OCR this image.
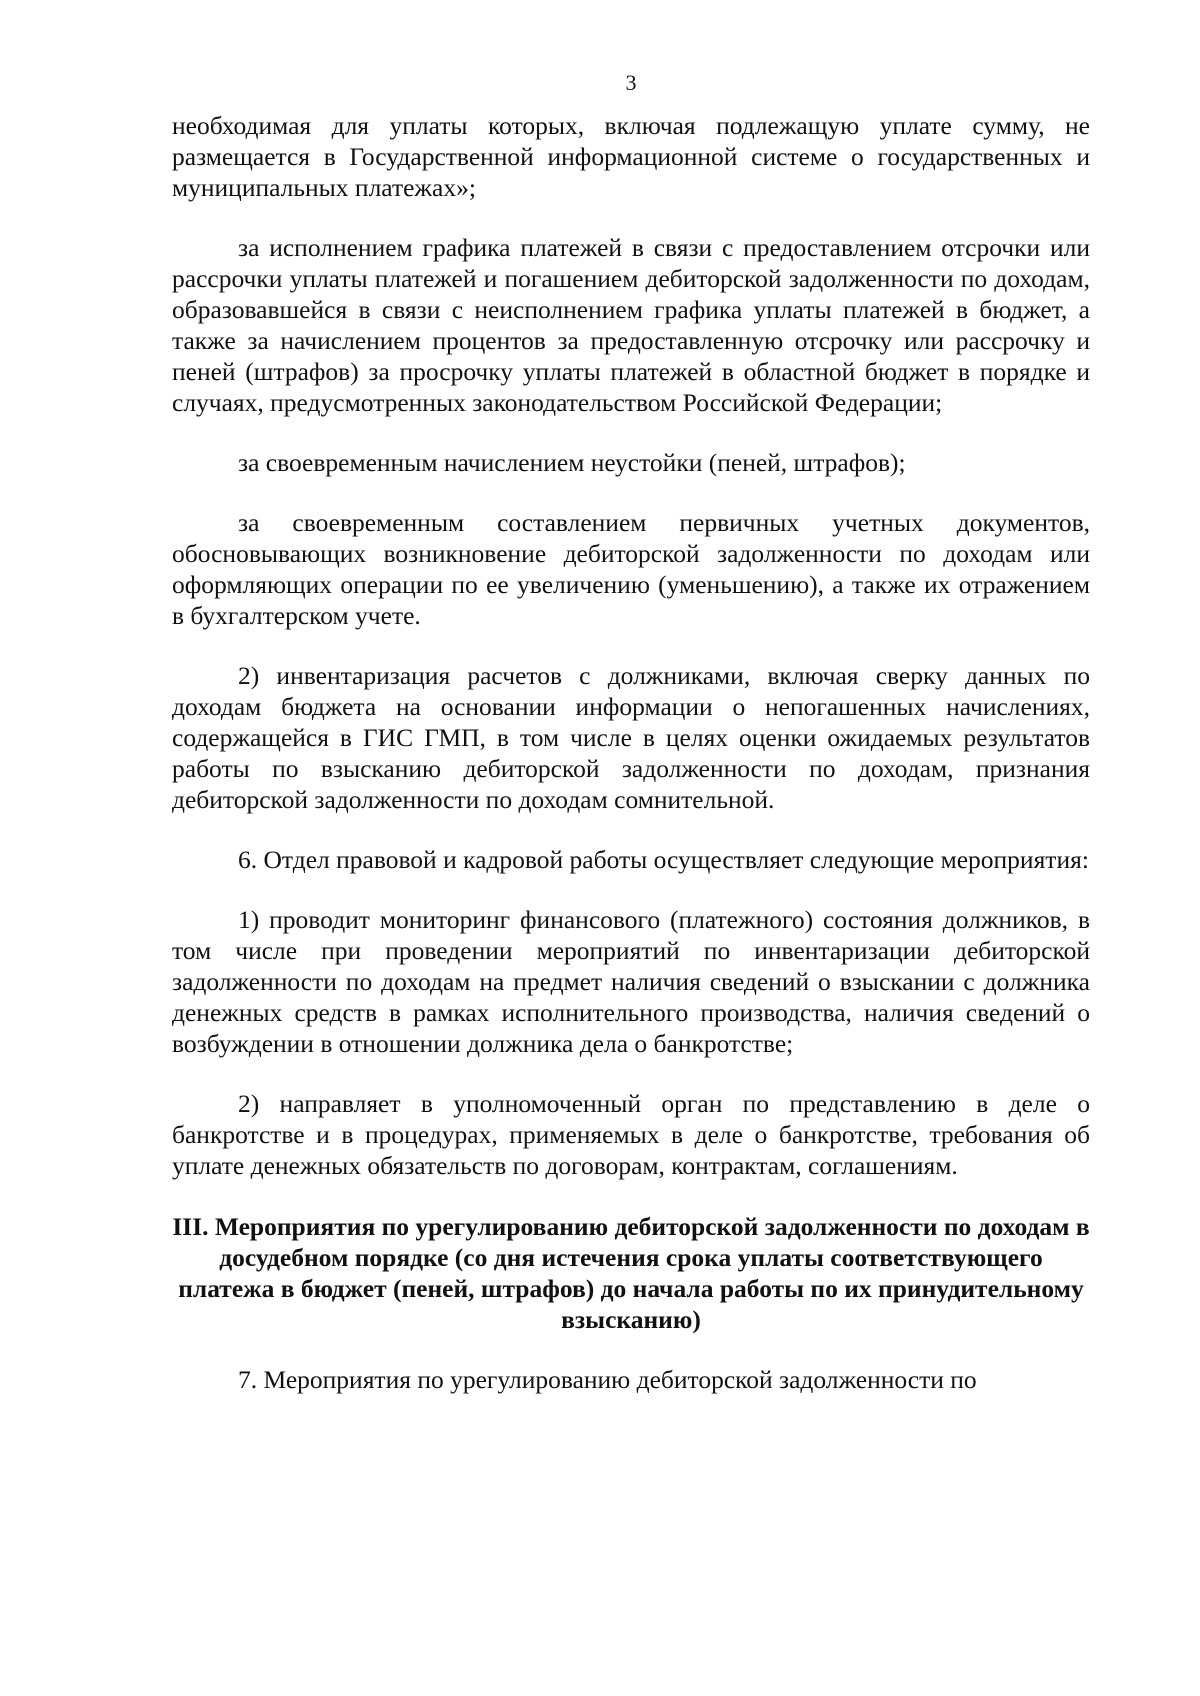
3

необходимая для уплаты которых, включая подлежащую уплате сумму, не размещается в Государственной информационной системе о государственных и муниципальных платежах»;

за исполнением графика платежей в связи с предоставлением отсрочки или рассрочки уплаты платежей и погашением дебиторской задолженности по доходам, образовавшейся в связи с неисполнением графика уплаты платежей в бюджет, а также за начислением процентов за предоставленную отсрочку или рассрочку и пеней (штрафов) за просрочку уплаты платежей в областной бюджет в порядке и случаях, предусмотренных законодательством Российской Федерации;

за своевременным начислением неустойки (пеней, штрафов);

за своевременным составлением первичных учетных документов, обосновывающих возникновение дебиторской задолженности по доходам или оформляющих операции по ее увеличению (уменьшению), а также их отражением в бухгалтерском учете.

2) инвентаризация расчетов с должниками, включая сверку данных по доходам бюджета на основании информации о непогашенных начислениях, содержащейся в ГИС ГМП, в том числе в целях оценки ожидаемых результатов работы по взысканию дебиторской задолженности по доходам, признания дебиторской задолженности по доходам сомнительной.

6. Отдел правовой и кадровой работы осуществляет следующие мероприятия:

1) проводит мониторинг финансового (платежного) состояния должников, в том числе при проведении мероприятий по инвентаризации дебиторской задолженности по доходам на предмет наличия сведений о взыскании с должника денежных средств в рамках исполнительного производства, наличия сведений о возбуждении в отношении должника дела о банкротстве;

2) направляет в уполномоченный орган по представлению в деле о банкротстве и в процедурах, применяемых в деле о банкротстве, требования об уплате денежных обязательств по договорам, контрактам, соглашениям.

III. Мероприятия по урегулированию дебиторской задолженности по доходам в досудебном порядке (со дня истечения срока уплаты соответствующего платежа в бюджет (пеней, штрафов) до начала работы по их принудительному взысканию)

7. Мероприятия по урегулированию дебиторской задолженности по
